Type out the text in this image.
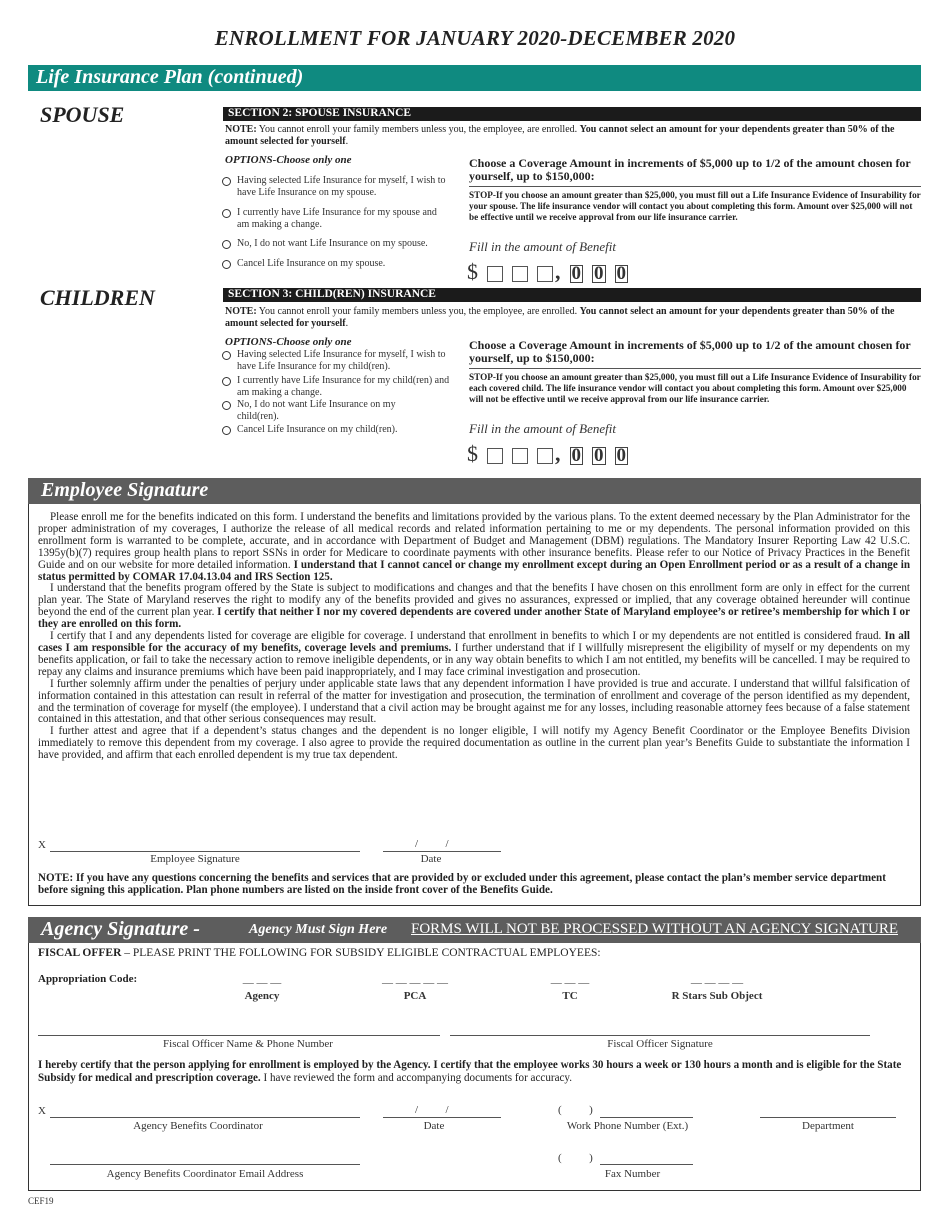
ENROLLMENT FOR JANUARY 2020-DECEMBER 2020
Life Insurance Plan (continued)
SPOUSE	SECTION 2: SPOUSE INSURANCE
NOTE: You cannot enroll your family members unless you, the employee, are enrolled. You cannot select an amount for your dependents greater than 50% of the amount selected for yourself.
OPTIONS-Choose only one
Having selected Life Insurance for myself, I wish to have Life Insurance on my spouse.
I currently have Life Insurance for my spouse and am making a change.
No, I do not want Life Insurance on my spouse.
Cancel Life Insurance on my spouse.
Choose a Coverage Amount in increments of $5,000 up to 1/2 of the amount chosen for yourself, up to $150,000:
STOP-If you choose an amount greater than $25,000, you must fill out a Life Insurance Evidence of Insurability for your spouse. The life insurance vendor will contact you about completing this form. Amount over $25,000 will not be effective until we receive approval from our life insurance carrier.
Fill in the amount of Benefit
$	, 0 0 0
CHILDREN	SECTION 3: CHILD(REN) INSURANCE
NOTE: You cannot enroll your family members unless you, the employee, are enrolled. You cannot select an amount for your dependents greater than 50% of the amount selected for yourself.
OPTIONS-Choose only one
Having selected Life Insurance for myself, I wish to have Life Insurance for my child(ren).
I currently have Life Insurance for my child(ren) and am making a change.
No, I do not want Life Insurance on my child(ren).
Cancel Life Insurance on my child(ren).
Choose a Coverage Amount in increments of $5,000 up to 1/2 of the amount chosen for yourself, up to $150,000:
STOP-If you choose an amount greater than $25,000, you must fill out a Life Insurance Evidence of Insurability for each covered child. The life insurance vendor will contact you about completing this form. Amount over $25,000 will not be effective until we receive approval from our life insurance carrier.
Fill in the amount of Benefit
$	, 0 0 0
Employee Signature

Please enroll me for the benefits indicated on this form. I understand the benefits and limitations provided by the various plans. To the extent deemed necessary by the Plan Administrator for the proper administration of my coverages, I authorize the release of all medical records and related information pertaining to me or my dependents. The personal information provided on this enrollment form is warranted to be complete, accurate, and in accordance with Department of Budget and Management (DBM) regulations. The Mandatory Insurer Reporting Law 42 U.S.C. 1395y(b)(7) requires group health plans to report SSNs in order for Medicare to coordinate payments with other insurance benefits. Please refer to our Notice of Privacy Practices in the Benefit Guide and on our website for more detailed information. I understand that I cannot cancel or change my enrollment except during an Open Enrollment period or as a result of a change in status permitted by COMAR 17.04.13.04 and IRS Section 125.

I understand that the benefits program offered by the State is subject to modifications and changes and that the benefits I have chosen on this enrollment form are only in effect for the current plan year. The State of Maryland reserves the right to modify any of the benefits provided and gives no assurances, expressed or implied, that any coverage obtained hereunder will continue beyond the end of the current plan year. I certify that neither I nor my covered dependents are covered under another State of Maryland employee’s or retiree’s membership for which I or they are enrolled on this form.

I certify that I and any dependents listed for coverage are eligible for coverage. I understand that enrollment in benefits to which I or my dependents are not entitled is considered fraud. In all cases I am responsible for the accuracy of my benefits, coverage levels and premiums. I further understand that if I willfully misrepresent the eligibility of myself or my dependents on my benefits application, or fail to take the necessary action to remove ineligible dependents, or in any way obtain benefits to which I am not entitled, my benefits will be cancelled. I may be required to repay any claims and insurance premiums which have been paid inappropriately, and I may face criminal investigation and prosecution.

I further solemnly affirm under the penalties of perjury under applicable state laws that any dependent information I have provided is true and accurate. I understand that willful falsification of information contained in this attestation can result in referral of the matter for investigation and prosecution, the termination of enrollment and coverage of the person identified as my dependent, and the termination of coverage for myself (the employee). I understand that a civil action may be brought against me for any losses, including reasonable attorney fees because of a false statement contained in this attestation, and that other serious consequences may result.

I further attest and agree that if a dependent’s status changes and the dependent is no longer eligible, I will notify my Agency Benefit Coordinator or the Employee Benefits Division immediately to remove this dependent from my coverage. I also agree to provide the required documentation as outline in the current plan year’s Benefits Guide to substantiate the information I have provided, and affirm that each enrolled dependent is my true tax dependent.

X
Employee Signature
/          /
Date
NOTE: If you have any questions concerning the benefits and services that are provided by or excluded under this agreement, please contact the plan’s member service department before signing this application. Plan phone numbers are listed on the inside front cover of the Benefits Guide.
Agency Signature -	Agency Must Sign Here FORMS WILL NOT BE PROCESSED WITHOUT AN AGENCY SIGNATURE
FISCAL OFFER – PLEASE PRINT THE FOLLOWING FOR SUBSIDY ELIGIBLE CONTRACTUAL EMPLOYEES:
Appropriation Code:	— — —
Agency
— — — — —
PCA
— — —
TC
— — — —
R Stars Sub Object
Fiscal Officer Name & Phone Number	Fiscal Officer Signature
I hereby certify that the person applying for enrollment is employed by the Agency. I certify that the employee works 30 hours a week or 130 hours a month and is eligible for the State Subsidy for medical and prescription coverage. I have reviewed the form and accompanying documents for accuracy.
X
Agency Benefits Coordinator
/          /
Date
(          )
Work Phone Number (Ext.)	Department
Agency Benefits Coordinator Email Address
(          )
Fax Number
CEF19
